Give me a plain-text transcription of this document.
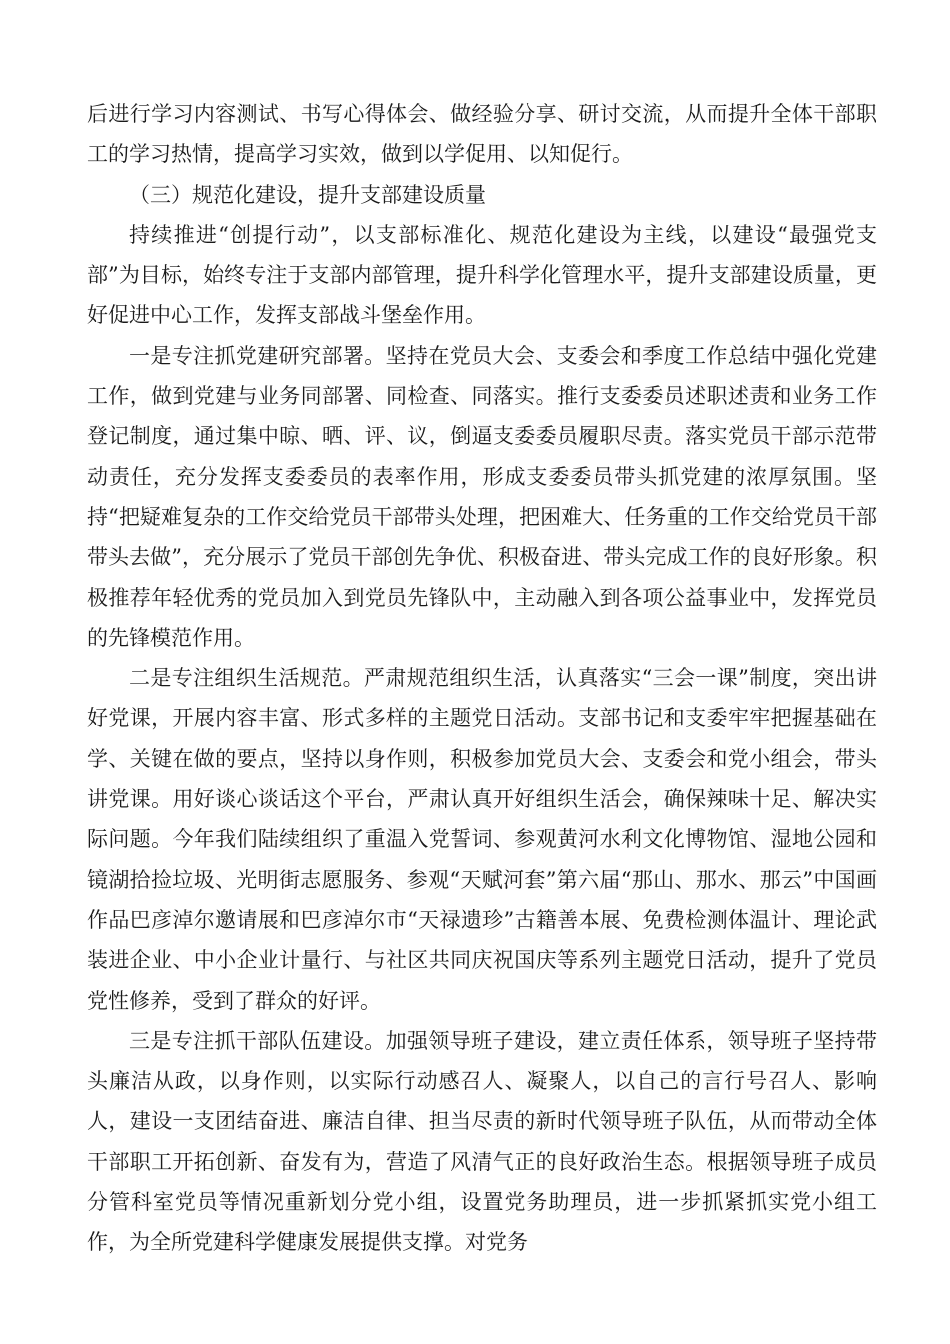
后进行学习内容测试、书写心得体会、做经验分享、研讨交流，从而提升全体干部职工的学习热情，提高学习实效，做到以学促用、以知促行。

（三）规范化建设，提升支部建设质量

持续推进“创提行动”，以支部标准化、规范化建设为主线，以建设“最强党支部”为目标，始终专注于支部内部管理，提升科学化管理水平，提升支部建设质量，更好促进中心工作，发挥支部战斗堡垒作用。

一是专注抓党建研究部署。坚持在党员大会、支委会和季度工作总结中强化党建工作，做到党建与业务同部署、同检查、同落实。推行支委委员述职述责和业务工作登记制度，通过集中晾、晒、评、议，倒逼支委委员履职尽责。落实党员干部示范带动责任，充分发挥支委委员的表率作用，形成支委委员带头抓党建的浓厚氛围。坚持“把疑难复杂的工作交给党员干部带头处理，把困难大、任务重的工作交给党员干部带头去做”，充分展示了党员干部创先争优、积极奋进、带头完成工作的良好形象。积极推荐年轻优秀的党员加入到党员先锋队中，主动融入到各项公益事业中，发挥党员的先锋模范作用。

二是专注组织生活规范。严肃规范组织生活，认真落实“三会一课”制度，突出讲好党课，开展内容丰富、形式多样的主题党日活动。支部书记和支委牢牢把握基础在学、关键在做的要点，坚持以身作则，积极参加党员大会、支委会和党小组会，带头讲党课。用好谈心谈话这个平台，严肃认真开好组织生活会，确保辣味十足、解决实际问题。今年我们陆续组织了重温入党誓词、参观黄河水利文化博物馆、湿地公园和镜湖拾捡垃圾、光明街志愿服务、参观“天赋河套”第六届“那山、那水、那云”中国画作品巴彦淖尔邀请展和巴彦淖尔市“天禄遗珍”古籍善本展、免费检测体温计、理论武装进企业、中小企业计量行、与社区共同庆祝国庆等系列主题党日活动，提升了党员党性修养，受到了群众的好评。

三是专注抓干部队伍建设。加强领导班子建设，建立责任体系，领导班子坚持带头廉洁从政，以身作则，以实际行动感召人、凝聚人，以自己的言行号召人、影响人，建设一支团结奋进、廉洁自律、担当尽责的新时代领导班子队伍，从而带动全体干部职工开拓创新、奋发有为，营造了风清气正的良好政治生态。根据领导班子成员分管科室党员等情况重新划分党小组，设置党务助理员，进一步抓紧抓实党小组工作，为全所党建科学健康发展提供支撑。对党务
